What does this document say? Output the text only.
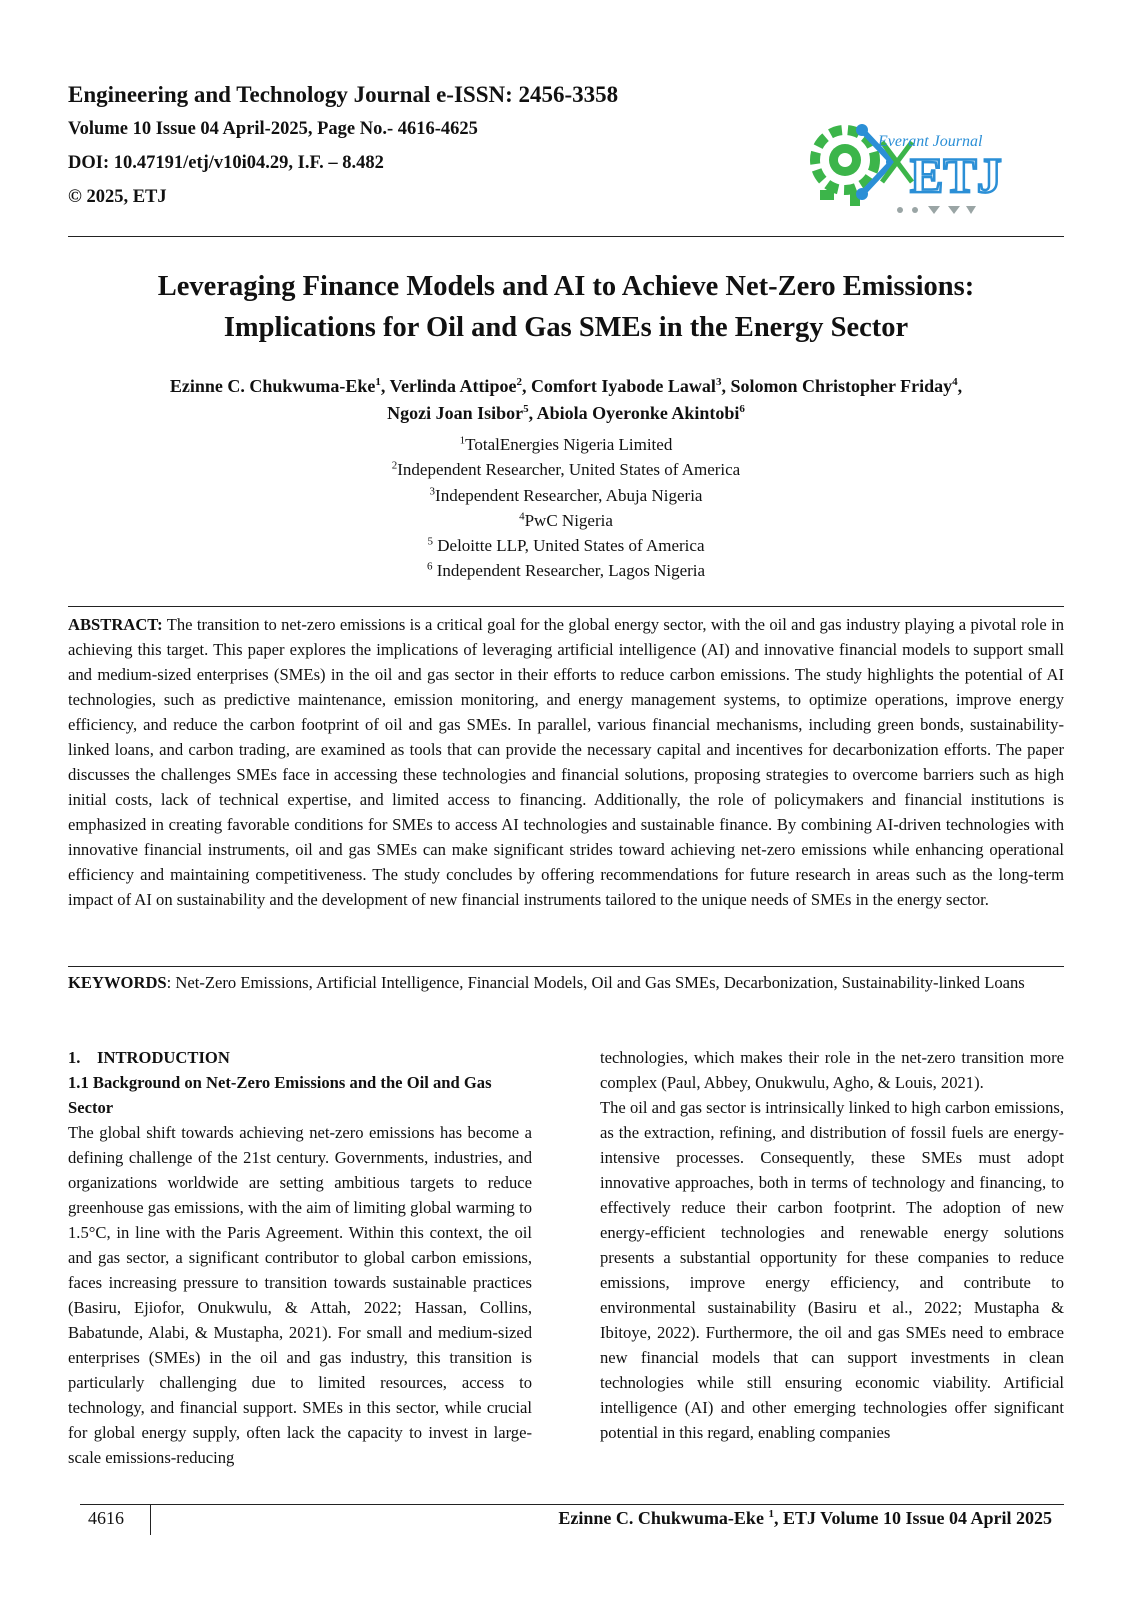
Engineering and Technology Journal e-ISSN: 2456-3358
Volume 10 Issue 04 April-2025, Page No.- 4616-4625
DOI: 10.47191/etj/v10i04.29, I.F. – 8.482
© 2025, ETJ
Everant Journal
ETJ
Leveraging Finance Models and AI to Achieve Net-Zero Emissions:
Implications for Oil and Gas SMEs in the Energy Sector
Ezinne C. Chukwuma-Eke$^1$, Verlinda Attipoe$^2$, Comfort Iyabode Lawal$^3$, Solomon Christopher Friday$^4$,
Ngozi Joan Isibor$^5$, Abiola Oyeronke Akintobi$^6$
$^1$TotalEnergies Nigeria Limited
$^2$Independent Researcher, United States of America
$^3$Independent Researcher, Abuja Nigeria
$^4$PwC Nigeria
$^5$ Deloitte LLP, United States of America
$^6$ Independent Researcher, Lagos Nigeria
ABSTRACT: The transition to net-zero emissions is a critical goal for the global energy sector, with the oil and gas industry playing a pivotal role in achieving this target. This paper explores the implications of leveraging artificial intelligence (AI) and innovative financial models to support small and medium-sized enterprises (SMEs) in the oil and gas sector in their efforts to reduce carbon emissions. The study highlights the potential of AI technologies, such as predictive maintenance, emission monitoring, and energy management systems, to optimize operations, improve energy efficiency, and reduce the carbon footprint of oil and gas SMEs. In parallel, various financial mechanisms, including green bonds, sustainability-linked loans, and carbon trading, are examined as tools that can provide the necessary capital and incentives for decarbonization efforts. The paper discusses the challenges SMEs face in accessing these technologies and financial solutions, proposing strategies to overcome barriers such as high initial costs, lack of technical expertise, and limited access to financing. Additionally, the role of policymakers and financial institutions is emphasized in creating favorable conditions for SMEs to access AI technologies and sustainable finance. By combining AI-driven technologies with innovative financial instruments, oil and gas SMEs can make significant strides toward achieving net-zero emissions while enhancing operational efficiency and maintaining competitiveness. The study concludes by offering recommendations for future research in areas such as the long-term impact of AI on sustainability and the development of new financial instruments tailored to the unique needs of SMEs in the energy sector.
KEYWORDS: Net-Zero Emissions, Artificial Intelligence, Financial Models, Oil and Gas SMEs, Decarbonization, Sustainability-linked Loans

1.    INTRODUCTION

1.1 Background on Net-Zero Emissions and the Oil and Gas Sector

The global shift towards achieving net-zero emissions has become a defining challenge of the 21st century. Governments, industries, and organizations worldwide are setting ambitious targets to reduce greenhouse gas emissions, with the aim of limiting global warming to 1.5°C, in line with the Paris Agreement. Within this context, the oil and gas sector, a significant contributor to global carbon emissions, faces increasing pressure to transition towards sustainable practices (Basiru, Ejiofor, Onukwulu, & Attah, 2022; Hassan, Collins, Babatunde, Alabi, & Mustapha, 2021). For small and medium-sized enterprises (SMEs) in the oil and gas industry, this transition is particularly challenging due to limited resources, access to technology, and financial support. SMEs in this sector, while crucial for global energy supply, often lack the capacity to invest in large-scale emissions-reducing

technologies, which makes their role in the net-zero transition more complex (Paul, Abbey, Onukwulu, Agho, & Louis, 2021).

The oil and gas sector is intrinsically linked to high carbon emissions, as the extraction, refining, and distribution of fossil fuels are energy-intensive processes. Consequently, these SMEs must adopt innovative approaches, both in terms of technology and financing, to effectively reduce their carbon footprint. The adoption of new energy-efficient technologies and renewable energy solutions presents a substantial opportunity for these companies to reduce emissions, improve energy efficiency, and contribute to environmental sustainability (Basiru et al., 2022; Mustapha & Ibitoye, 2022). Furthermore, the oil and gas SMEs need to embrace new financial models that can support investments in clean technologies while still ensuring economic viability. Artificial intelligence (AI) and other emerging technologies offer significant potential in this regard, enabling companies

4616	Ezinne C. Chukwuma-Eke $^1$, ETJ Volume 10 Issue 04 April 2025
